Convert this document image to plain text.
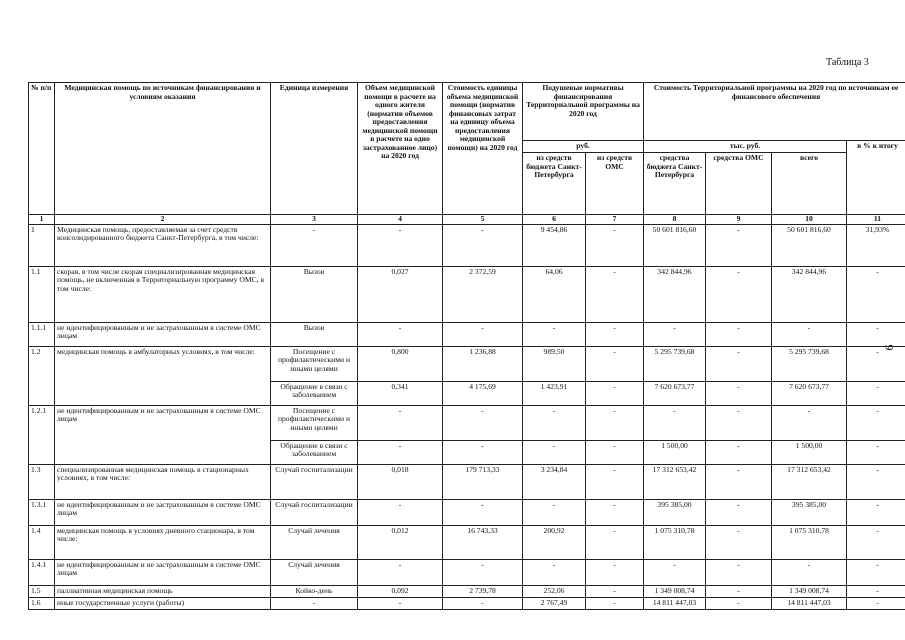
Таблица 3
9
№ п/п	Медицинская помощь по источникам финансирования и условиям оказания	Единица измерения	Объем медицинской помощи в расчете на одного жителя (норматив объемов предоставления медицинской помощи в расчете на одно застрахованное лицо) на 2020 год	Стоимость единицы объема медицинской помощи (норматив финансовых затрат на единицу объема предоставления медицинской помощи) на 2020 год	Подушевые нормативы финансирования Территориальной программы на 2020 год		Стоимость Территориальной программы на 2020 год по источникам ее финансового обеспечения			
					руб.		тыс. руб.			в % к итогу
					из средств бюджета Санкт-Петербурга	из средств ОМС	средства бюджета Санкт-Петербурга	средства ОМС	всего	
1	2	3	4	5	6	7	8	9	10	11
1	Медицинская помощь, предоставляемая за счет средств консолидированного бюджета Санкт-Петербурга, в том числе:	-	-	-	9 454,86	-	50 601 816,60	-	50 601 816,60	31,93%
1.1	скорая, в том числе скорая специализированная медицинская помощь, не включенная в Территориальную программу ОМС, в том числе:	Вызов	0,027	2 372,59	64,06	-	342 844,96	-	342 844,96	-
1.1.1	не идентифицированным и не застрахованным в системе ОМС лицам	Вызов	-	-	-	-	-	-	-	-
1.2	медицинская помощь в амбулаторных условиях, в том числе:	Посещение с профилактическими и иными целями	0,800	1 236,88	989,50	-	5 295 739,68	-	5 295 739,68	-
		Обращение в связи с заболеванием	0,341	4 175,69	1 423,91	-	7 620 673,77	-	7 620 673,77	-
1.2.1	не идентифицированным и не застрахованным в системе ОМС лицам	Посещение с профилактическими и иными целями	-	-	-	-	-	-	-	-
		Обращение в связи с заболеванием	-	-	-	-	1 500,00	-	1 500,00	-
1.3	специализированная медицинская помощь в стационарных условиях, в том числе:	Случай госпитализации	0,018	179 713,33	3 234,84	-	17 312 653,42	-	17 312 653,42	-
1.3.1	не идентифицированным и не застрахованным в системе ОМС лицам	Случай госпитализации	-	-	-	-	395 385,00	-	395 385,00	-
1.4	медицинская помощь в условиях дневного стационара, в том числе:	Случай лечения	0,012	16 743,33	200,92	-	1 075 310,78	-	1 075 310,78	-
1.4.1	не идентифицированным и не застрахованным в системе ОМС лицам	Случай лечения	-	-	-	-	-	-	-	-
1.5	паллиативная медицинская помощь	Койко-день	0,092	2 739,78	252,06	-	1 349 008,74	-	1 349 008,74	-
1.6	иные государственные услуги (работы)	-	-	-	2 767,49	-	14 811 447,03	-	14 811 447,03	-
